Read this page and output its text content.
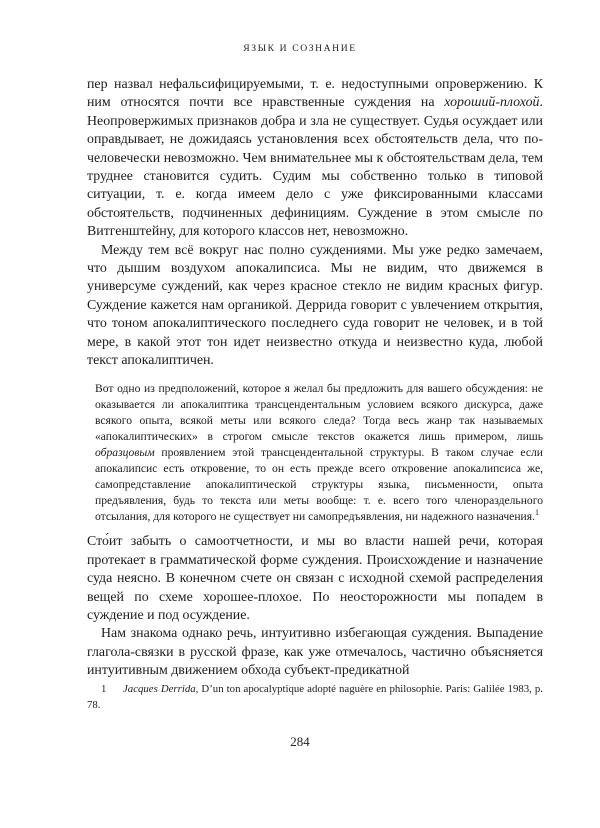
ЯЗЫК И СОЗНАНИЕ

пер назвал нефальсифицируемыми, т. е. недоступными опровержению. К ним относятся почти все нравственные суждения на хороший-плохой. Неопровержимых признаков добра и зла не существует. Судья осуждает или оправдывает, не дожидаясь установления всех обстоятельств дела, что по-человечески невозможно. Чем внимательнее мы к обстоятельствам дела, тем труднее становится судить. Судим мы собственно только в типовой ситуации, т. е. когда имеем дело с уже фиксированными классами обстоятельств, подчиненных дефинициям. Суждение в этом смысле по Витгенштейну, для которого классов нет, невозможно.

Между тем всё вокруг нас полно суждениями. Мы уже редко замечаем, что дышим воздухом апокалипсиса. Мы не видим, что движемся в универсуме суждений, как через красное стекло не видим красных фигур. Суждение кажется нам органикой. Деррида говорит с увлечением открытия, что тоном апокалиптического последнего суда говорит не человек, и в той мере, в какой этот тон идет неизвестно откуда и неизвестно куда, любой текст апокалиптичен.

Вот одно из предположений, которое я желал бы предложить для вашего обсуждения: не оказывается ли апокалиптика трансцендентальным условием всякого дискурса, даже всякого опыта, всякой меты или всякого следа? Тогда весь жанр так называемых «апокалиптических» в строгом смысле текстов окажется лишь примером, лишь образцовым проявлением этой трансцендентальной структуры. В таком случае если апокалипсис есть откровение, то он есть прежде всего откровение апокалипсиса же, самопредставление апокалиптической структуры языка, письменности, опыта предъявления, будь то текста или меты вообще: т. е. всего того членораздельного отсылания, для которого не существует ни самопредъявления, ни надежного назначения.$^1$

Сто́ит забыть о самоотчетности, и мы во власти нашей речи, которая протекает в грамматической форме суждения. Происхождение и назначение суда неясно. В конечном счете он связан с исходной схемой распределения вещей по схеме хорошее-плохое. По неосторожности мы попадем в суждение и под осуждение.

Нам знакома однако речь, интуитивно избегающая суждения. Выпадение глагола-связки в русской фразе, как уже отмечалось, частично объясняется интуитивным движением обхода субъект-предикатной

1 Jacques Derrida, D’un ton apocalyptique adopté naguère en philosophie. Paris: Galilée 1983, p. 78.
284
